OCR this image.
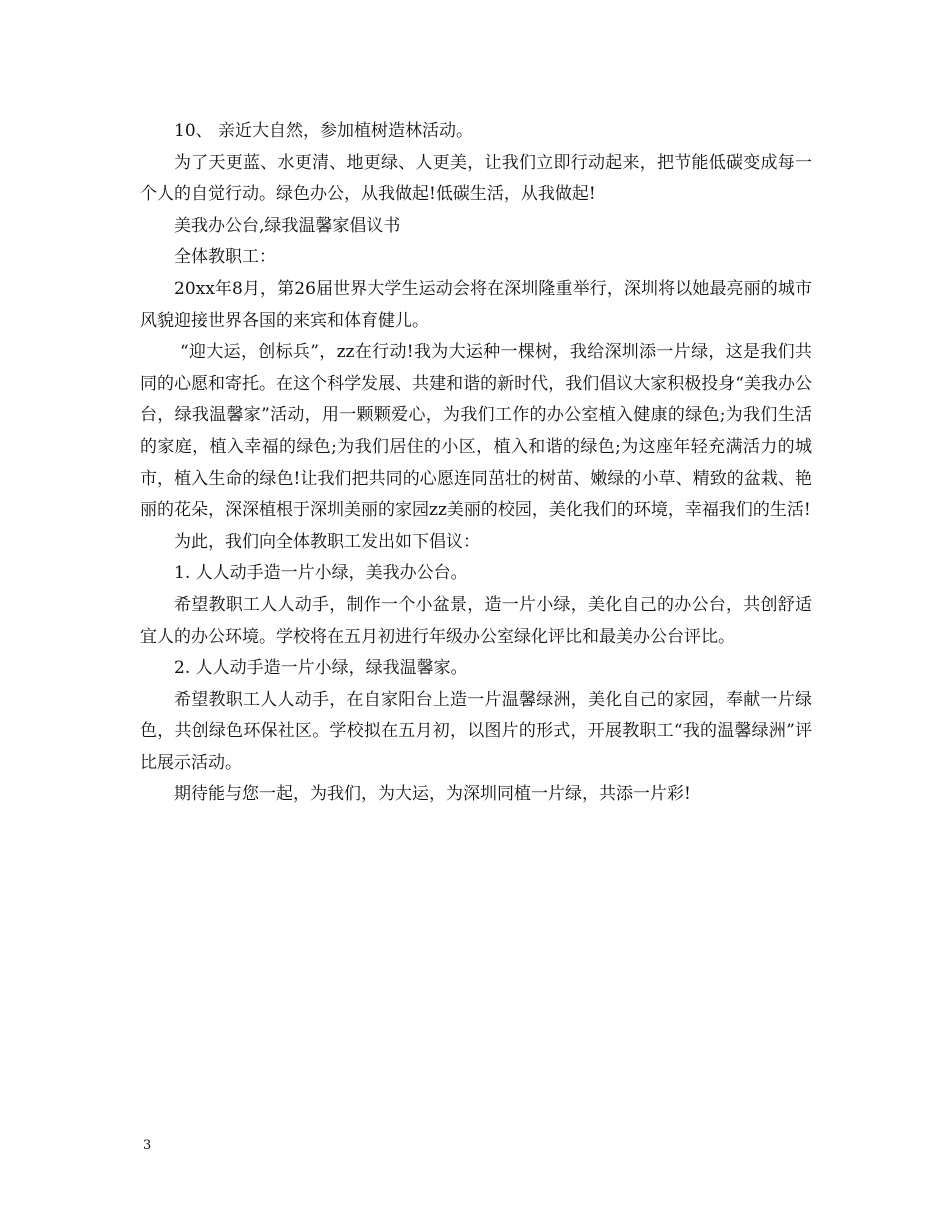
10、 亲近大自然，参加植树造林活动。

为了天更蓝、水更清、地更绿、人更美，让我们立即行动起来，把节能低碳变成每一个人的自觉行动。绿色办公，从我做起!低碳生活，从我做起!

美我办公台,绿我温馨家倡议书

全体教职工：

20xx年8月，第26届世界大学生运动会将在深圳隆重举行，深圳将以她最亮丽的城市风貌迎接世界各国的来宾和体育健儿。

“迎大运，创标兵”，zz在行动!我为大运种一棵树，我给深圳添一片绿，这是我们共同的心愿和寄托。在这个科学发展、共建和谐的新时代，我们倡议大家积极投身“美我办公台，绿我温馨家”活动，用一颗颗爱心，为我们工作的办公室植入健康的绿色;为我们生活的家庭，植入幸福的绿色;为我们居住的小区，植入和谐的绿色;为这座年轻充满活力的城市，植入生命的绿色!让我们把共同的心愿连同茁壮的树苗、嫩绿的小草、精致的盆栽、艳丽的花朵，深深植根于深圳美丽的家园zz美丽的校园，美化我们的环境，幸福我们的生活!

为此，我们向全体教职工发出如下倡议：

1. 人人动手造一片小绿，美我办公台。

希望教职工人人动手，制作一个小盆景，造一片小绿，美化自己的办公台，共创舒适宜人的办公环境。学校将在五月初进行年级办公室绿化评比和最美办公台评比。

2. 人人动手造一片小绿，绿我温馨家。

希望教职工人人动手，在自家阳台上造一片温馨绿洲，美化自己的家园，奉献一片绿色，共创绿色环保社区。学校拟在五月初，以图片的形式，开展教职工“我的温馨绿洲”评比展示活动。

期待能与您一起，为我们，为大运，为深圳同植一片绿，共添一片彩!

3
